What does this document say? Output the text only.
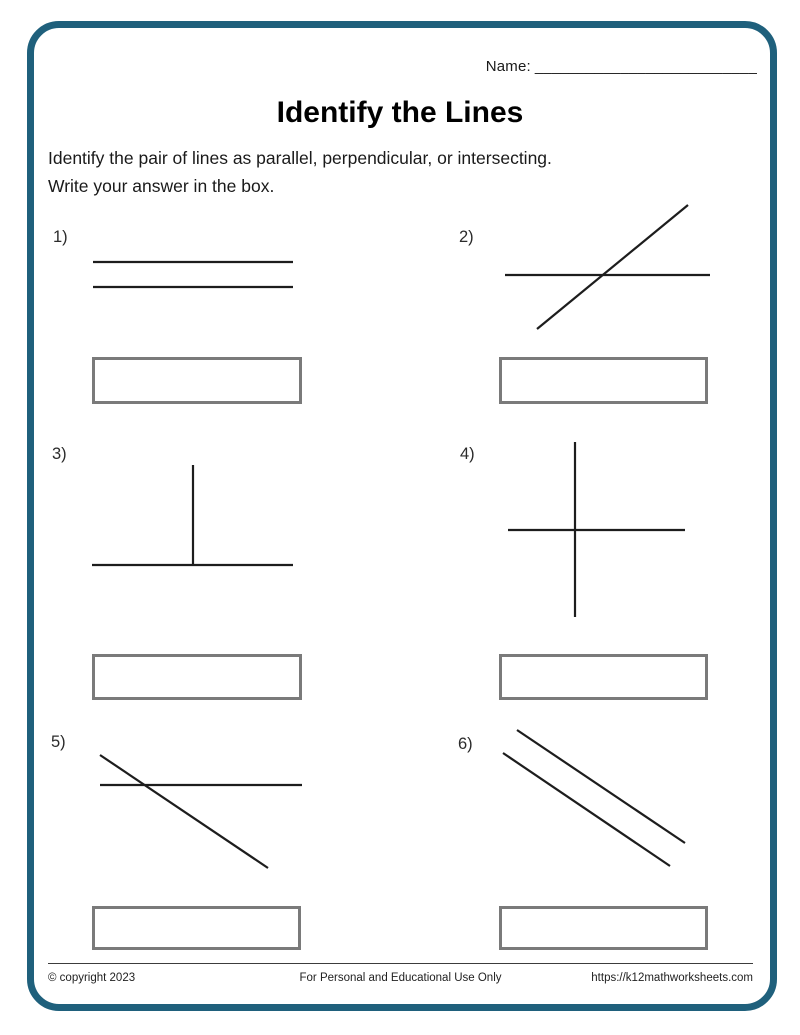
Name: __________________________
Identify the Lines
Identify the pair of lines as parallel, perpendicular, or intersecting.
Write your answer in the box.
1)	2)
3)	4)
5)	6)
© copyright 2023	For Personal and Educational Use Only	https://k12mathworksheets.com
